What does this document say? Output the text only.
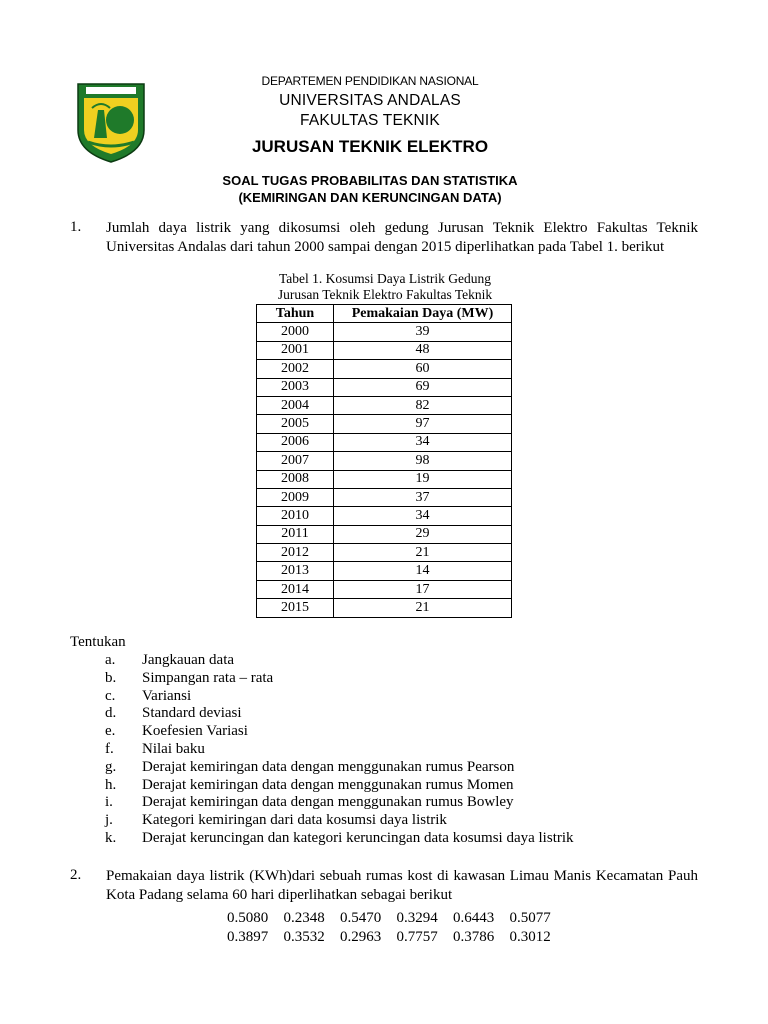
DEPARTEMEN PENDIDIKAN NASIONAL
UNIVERSITAS ANDALAS
FAKULTAS TEKNIK
JURUSAN TEKNIK ELEKTRO
SOAL TUGAS PROBABILITAS DAN STATISTIKA
(KEMIRINGAN DAN KERUNCINGAN DATA)
1. Jumlah daya listrik yang dikosumsi oleh gedung Jurusan Teknik Elektro Fakultas Teknik
Universitas Andalas dari tahun 2000 sampai dengan 2015 diperlihatkan pada Tabel 1. berikut
Tabel 1. Kosumsi Daya Listrik Gedung
Jurusan Teknik Elektro Fakultas Teknik
Tahun	Pemakaian Daya (MW)
2000	39
2001	48
2002	60
2003	69
2004	82
2005	97
2006	34
2007	98
2008	19
2009	37
2010	34
2011	29
2012	21
2013	14
2014	17
2015	21
Tentukan
a. Jangkauan data
b. Simpangan rata – rata
c. Variansi
d. Standard deviasi
e. Koefesien Variasi
f. Nilai baku
g. Derajat kemiringan data dengan menggunakan rumus Pearson
h. Derajat kemiringan data dengan menggunakan rumus Momen
i. Derajat kemiringan data dengan menggunakan rumus Bowley
j. Kategori kemiringan dari data kosumsi daya listrik
k. Derajat keruncingan dan kategori keruncingan data kosumsi daya listrik
2. Pemakaian daya listrik (KWh)dari sebuah rumas kost di kawasan Limau Manis Kecamatan Pauh
Kota Padang selama 60 hari diperlihatkan sebagai berikut
0.5080 0.2348 0.5470 0.3294 0.6443 0.5077
0.3897 0.3532 0.2963 0.7757 0.3786 0.3012
